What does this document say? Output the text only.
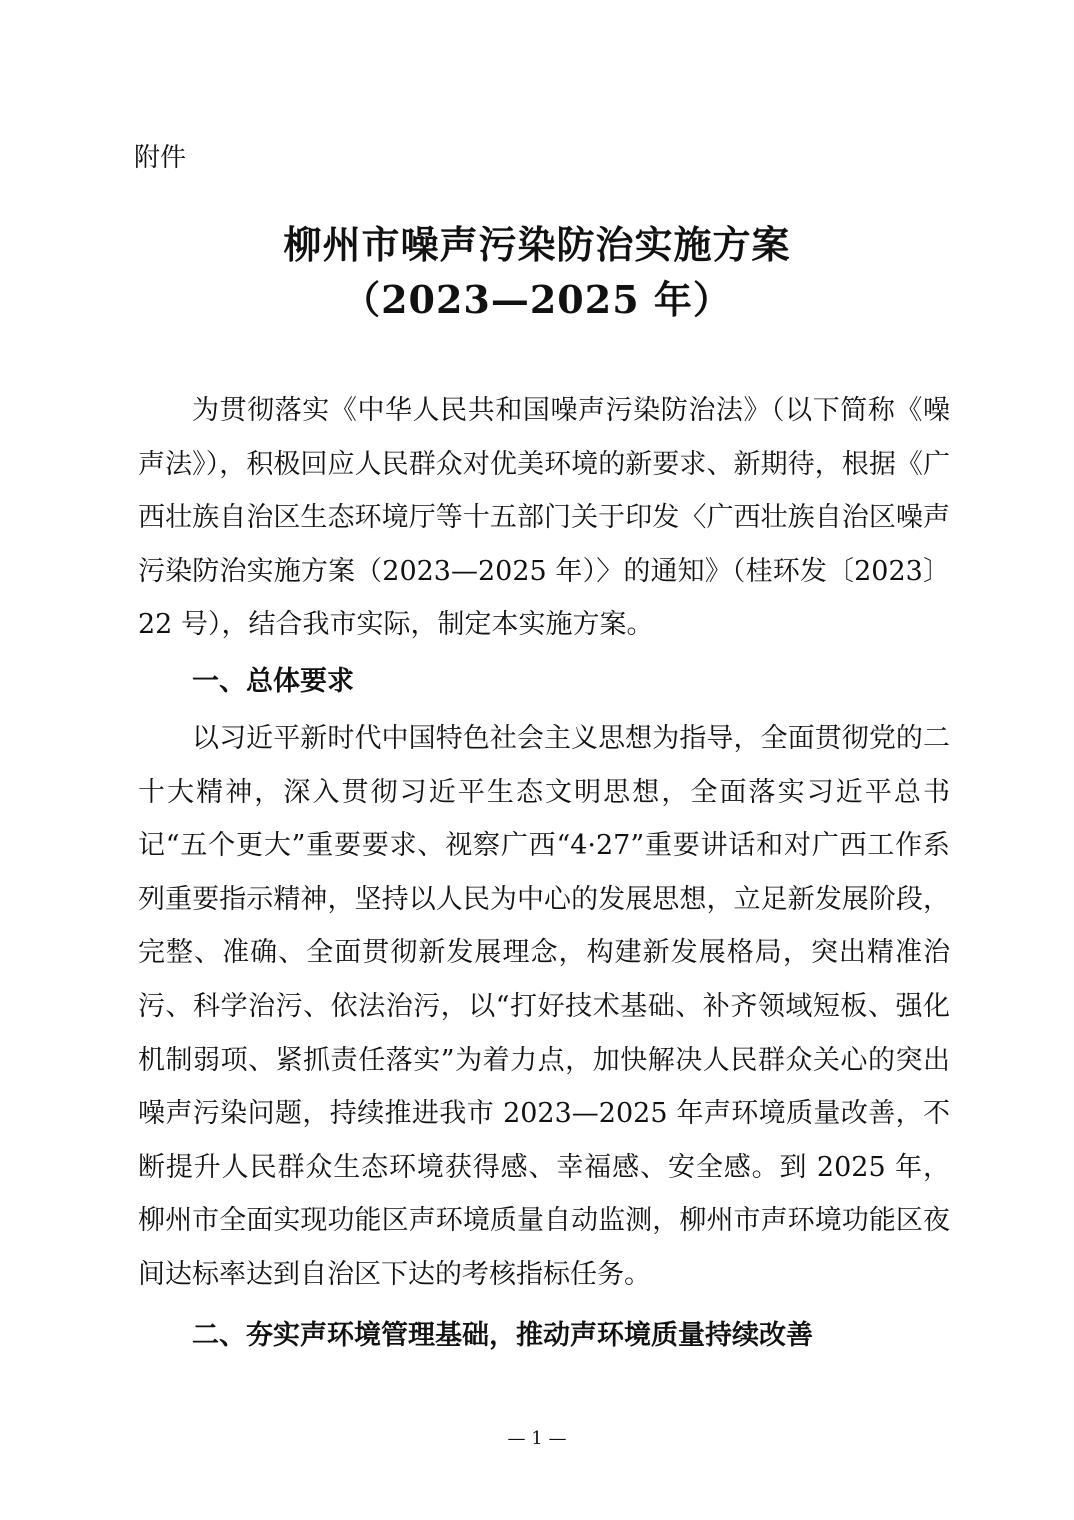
附件
柳州市噪声污染防治实施方案
（2023—2025 年）

为贯彻落实《中华人民共和国噪声污染防治法》（以下简称《噪声法》），积极回应人民群众对优美环境的新要求、新期待，根据《广西壮族自治区生态环境厅等十五部门关于印发〈广西壮族自治区噪声污染防治实施方案（2023—2025 年）〉的通知》（桂环发〔2023〕22 号），结合我市实际，制定本实施方案。

一、总体要求

以习近平新时代中国特色社会主义思想为指导，全面贯彻党的二十大精神，深入贯彻习近平生态文明思想，全面落实习近平总书记“五个更大”重要要求、视察广西“4·27”重要讲话和对广西工作系列重要指示精神，坚持以人民为中心的发展思想，立足新发展阶段，完整、准确、全面贯彻新发展理念，构建新发展格局，突出精准治污、科学治污、依法治污，以“打好技术基础、补齐领域短板、强化机制弱项、紧抓责任落实”为着力点，加快解决人民群众关心的突出噪声污染问题，持续推进我市 2023—2025 年声环境质量改善，不断提升人民群众生态环境获得感、幸福感、安全感。到 2025 年，柳州市全面实现功能区声环境质量自动监测，柳州市声环境功能区夜间达标率达到自治区下达的考核指标任务。

二、夯实声环境管理基础，推动声环境质量持续改善
— 1 —
